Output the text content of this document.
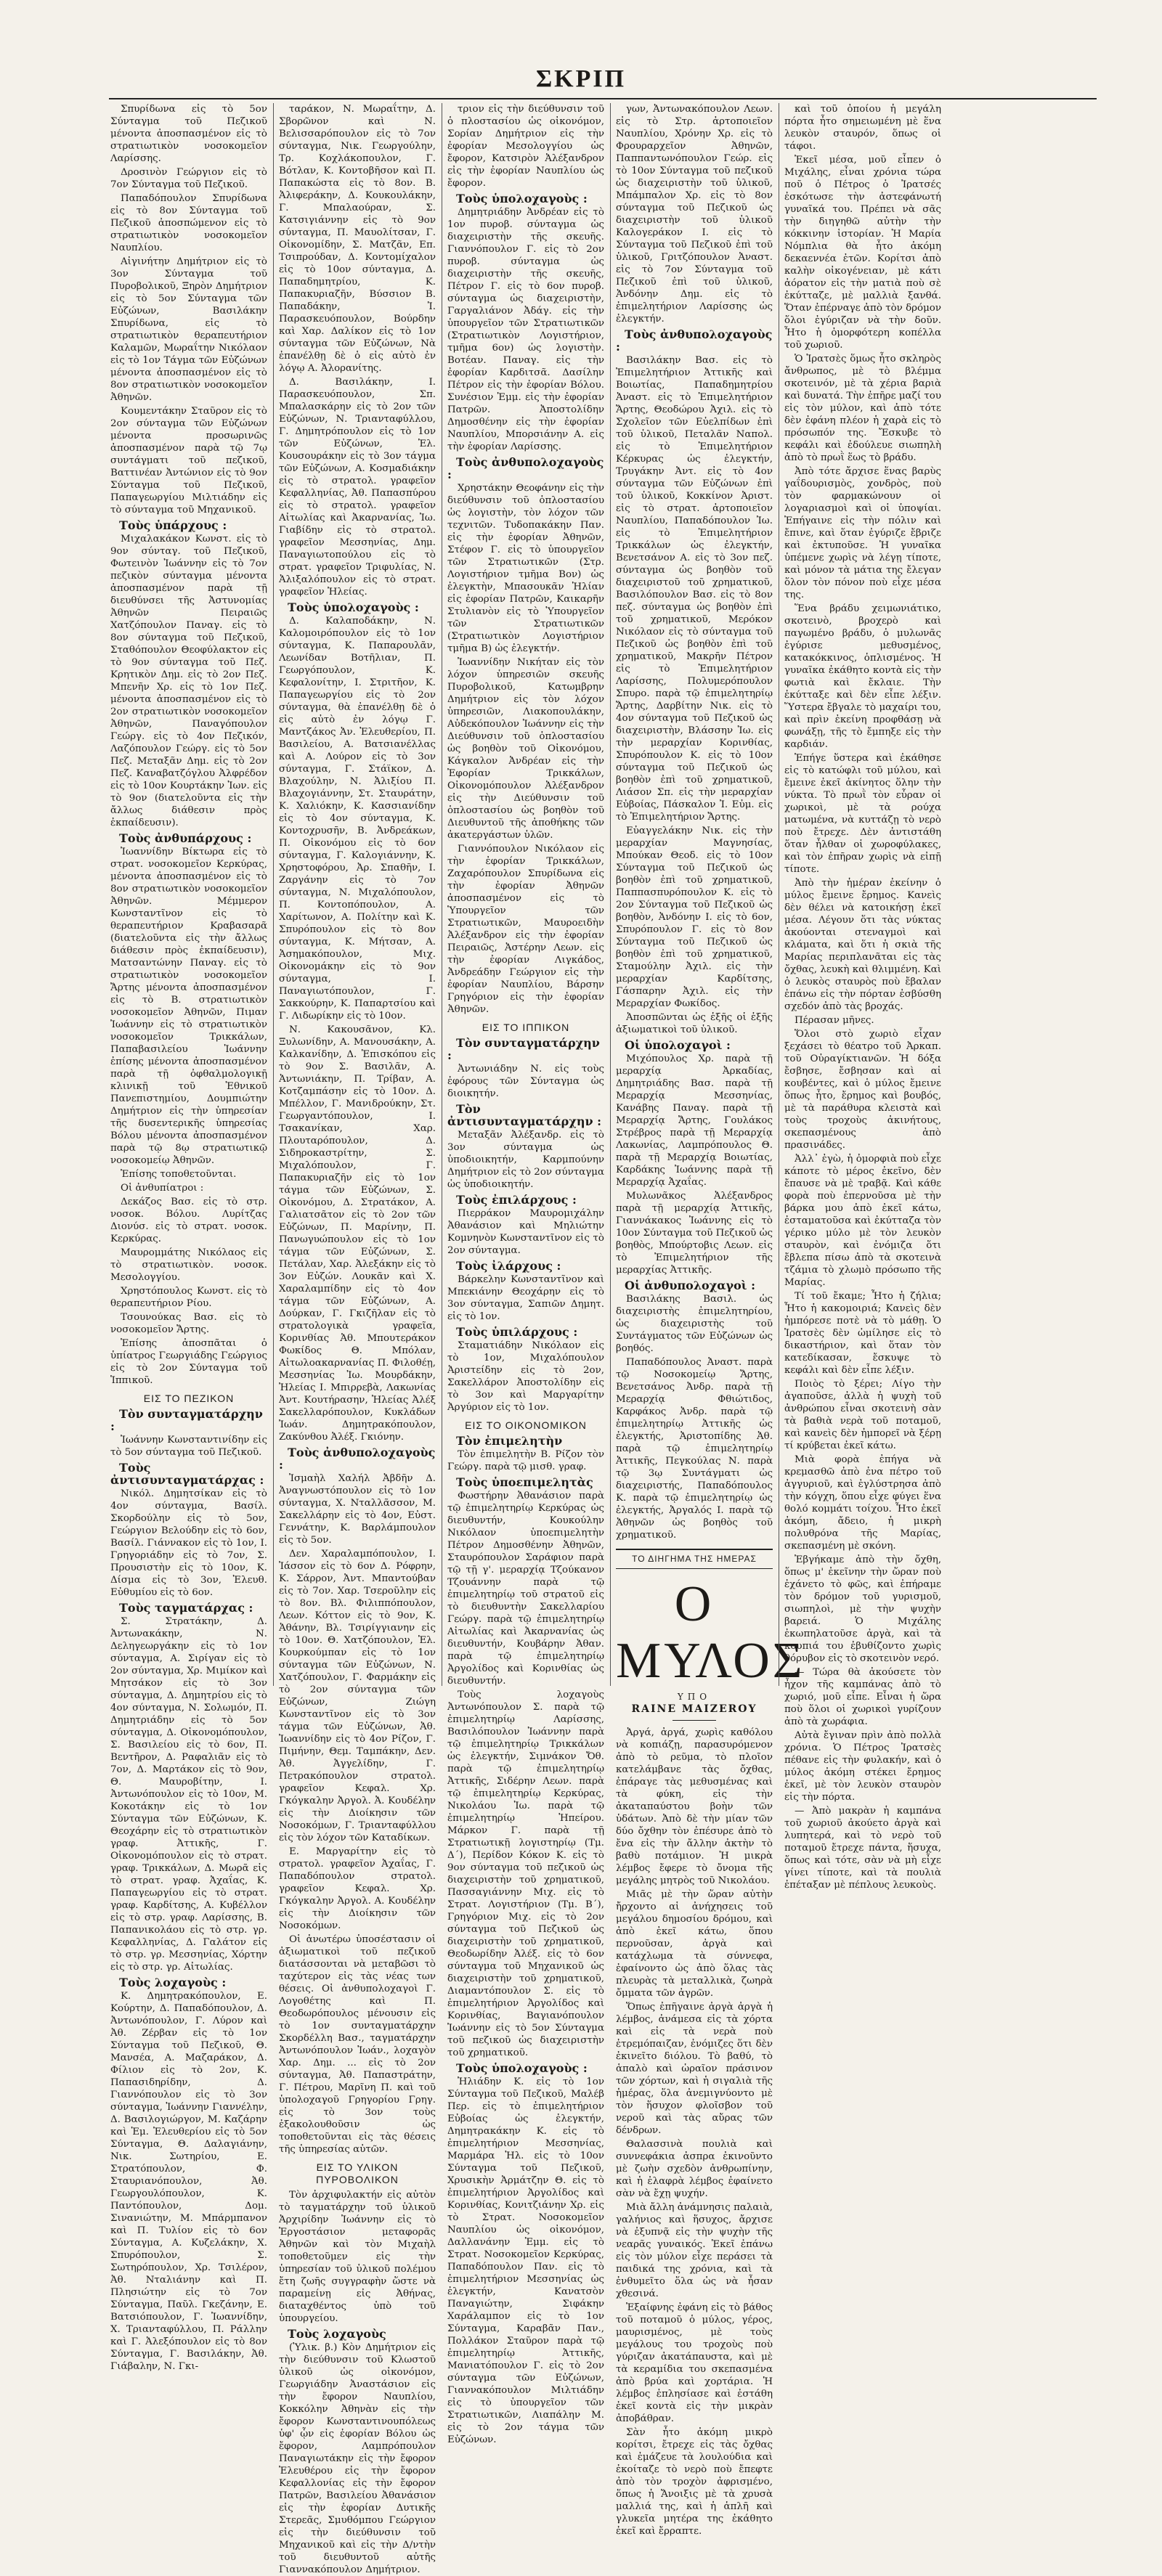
ΣΚΡΙΠ

Σπυρίδωνα εἰς τὸ 5ον Σύνταγμα τοῦ Πεζικοῦ μένοντα ἀποσπασμένον εἰς τὸ στρατιωτικὸν νοσοκομεῖον Λαρίσσης.

Δροσινὸν Γεώργιον εἰς τὸ 7ον Σύνταγμα τοῦ Πεζικοῦ.

Παπαδόπουλον Σπυρίδωνα εἰς τὸ 8ον Σύνταγμα τοῦ Πεζικοῦ ἀποσπώμενον εἰς τὸ στρατιωτικὸν νοσοκομεῖον Ναυπλίου.

Αἰγινήτην Δημήτριον εἰς τὸ 3ον Σύνταγμα τοῦ Πυροβολικοῦ, Ξηρὸν Δημήτριον εἰς τὸ 5ον Σύνταγμα τῶν Εὐζώνων, Βασιλάκην Σπυρίδωνα, εἰς τὸ στρατιωτικὸν θεραπευτήριον Καλαμῶν, Μωραΐτην Νικόλαον εἰς τὸ 1ον Τάγμα τῶν Εὐζώνων μένοντα ἀποσπασμένον εἰς τὸ 8ον στρατιωτικὸν νοσοκομεῖον Ἀθηνῶν.

Κουμεντάκην Σταῦρον εἰς τὸ 2ον σύνταγμα τῶν Εὐζώνων μένοντα προσωρινῶς ἀποσπασμένον παρὰ τῷ 7ῳ συντάγματι τοῦ πεζικοῦ, Βαττινέαν Ἀντώνιον εἰς τὸ 9ον Σύνταγμα τοῦ Πεζικοῦ, Παπαγεωργίου Μιλτιάδην εἰς τὸ σύνταγμα τοῦ Μηχανικοῦ.

Τοὺς ὑπάρχους :

Μιχαλακάκον Κωνστ. εἰς τὸ 9ον σύνταγ. τοῦ Πεζικοῦ, Φωτεινὸν Ἰωάννην εἰς τὸ 7ον πεζικὸν σύνταγμα μένοντα ἀποσπασμένον παρὰ τῇ διευθύνσει τῆς Ἀστυνομίας Ἀθηνῶν Πειραιῶς Χατζόπουλον Παναγ. εἰς τὸ 8ον σύνταγμα τοῦ Πεζικοῦ, Σταθόπουλον Θεοφύλακτον εἰς τὸ 9ον σύνταγμα τοῦ Πεζ. Κρητικὸν Δημ. εἰς τὸ 2ον Πεζ. Μπενῆν Χρ. εἰς τὸ 1ον Πεζ. μένοντα ἀποσπασμένον εἰς τὸ 2ον στρατιωτικὸν νοσοκομεῖον Ἀθηνῶν, Παναγόπουλον Γεώργ. εἰς τὸ 4ον Πεζικόν, Λαζόπουλον Γεώργ. εἰς τὸ 5ον Πεζ. Μεταξᾶν Δημ. εἰς τὸ 2ον Πεζ. Καναβατζόγλου Ἀλφρέδον εἰς τὸ 10ον Κουρτάκην Ἰων. εἰς τὸ 9ον (διατελοῦντα εἰς τὴν ἄλλως διάθεσιν πρὸς ἐκπαίδευσιν).

Τοὺς ἀνθυπάρχους :

Ἰωαννίδην Βίκτωρα εἰς τὸ στρατ. νοσοκομεῖον Κερκύρας, μένοντα ἀποσπασμένον εἰς τὸ 8ον στρατιωτικὸν νοσοκομεῖον Ἀθηνῶν. Μέμμερον Κωνσταντῖνον εἰς τὸ θεραπευτήριον Κραβασαρᾶ (διατελοῦντα εἰς τὴν ἄλλως διάθεσιν πρὸς ἐκπαίδευσιν), Ματσαντώνην Παναγ. εἰς τὸ στρατιωτικὸν νοσοκομεῖον Ἄρτης μένοντα ἀποσπασμένον εἰς τὸ Β. στρατιωτικὸν νοσοκομεῖον Ἀθηνῶν, Πιμαν Ἰωάννην εἰς τὸ στρατιωτικὸν νοσοκομεῖον Τρικκάλων, Παπαβασιλείου Ἰωάννην ἐπίσης μένοντα ἀποσπασμένον παρὰ τῇ ὀφθαλμολογικῇ κλινικῇ τοῦ Ἐθνικοῦ Πανεπιστημίου, Δουμπιώτην Δημήτριον εἰς τὴν ὑπηρεσίαν τῆς δυσεντερικῆς ὑπηρεσίας Βόλου μένοντα ἀποσπασμένον παρὰ τῷ 8ῳ στρατιωτικῷ νοσοκομείῳ Ἀθηνῶν.

Ἐπίσης τοποθετοῦνται.

Οἱ ἀνθυπίατροι :

Δεκάζος Βασ. εἰς τὸ στρ. νοσοκ. Βόλου. Λυρίτζας Διονύσ. εἰς τὸ στρατ. νοσοκ. Κερκύρας.

Μαυρομμάτης Νικόλαος εἰς τὸ στρατιωτικὸν. νοσοκ. Μεσολογγίου.

Χρηστόπουλος Κωνστ. εἰς τὸ θεραπευτήριον Ρίου.

Τσουνούκας Βασ. εἰς τὸ νοσοκομεῖον Ἄρτης.

Ἐπίσης ἀποσπᾶται ὁ ὑπίατρος Γεωργιάδης Γεώργιος εἰς τὸ 2ον Σύνταγμα τοῦ Ἱππικοῦ.

ΕΙΣ ΤΟ ΠΕΖΙΚΟΝ
Τὸν συνταγματάρχην :

Ἰωάννην Κωνσταντινίδην εἰς τὸ 5ον σύνταγμα τοῦ Πεζικοῦ.

Τοὺς ἀντισυνταγματάρχας :

Νικόλ. Δημητσίκαν εἰς τὸ 4ον σύνταγμα, Βασίλ. Σκορδούλην εἰς τὸ 5ον, Γεώργιον Βελούδην εἰς τὸ 6ον, Βασίλ. Γιάννακον εἰς τὸ 1ον, Ι. Γρηγοριάδην εἰς τὸ 7ον, Σ. Προυσιστὴν εἰς τὸ 10ον, Κ. Δίσμα εἰς τὸ 3ον, Ἐλευθ. Εὐθυμίου εἰς τὸ 6ον.

Τοὺς ταγματάρχας :

Σ. Στρατάκην, Δ. Ἀντωνακάκην, Ν. Δεληγεωργάκην εἰς τὸ 1ον σύνταγμα, Α. Σιρίγαν εἰς τὸ 2ον σύνταγμα, Χρ. Μιμίκον καὶ Μητσάκον εἰς τὸ 3ον σύνταγμα, Δ. Δημητρίου εἰς τὸ 4ον σύνταγμα, Ν. Σολωμόν, Π. Δημητριάδην εἰς τὸ 5ον σύνταγμα, Δ. Οἰκονομόπουλον, Σ. Βασιλείου εἰς τὸ 6ον, Π. Βεντῆρον, Δ. Ραφαλιᾶν εἰς τὸ 7ον, Δ. Μαρτάκον εἰς τὸ 9ον, Θ. Μαυροβίτην, Ι. Ἀντωνόπουλον εἰς τὸ 10ον, Μ. Κοκοτάκην εἰς τὸ 1ον Σύνταγμα τῶν Εὐζώνων, Κ. Θεοχάρην εἰς τὸ στρατιωτικὸν γραφ. Ἀττικῆς, Γ. Οἰκονομόπουλον εἰς τὸ στρατ. γραφ. Τρικκάλων, Δ. Μωρᾶ εἰς τὸ στρατ. γραφ. Ἀχαΐας, Κ. Παπαγεωργίου εἰς τὸ στρατ. γραφ. Καρδίτσης, Α. Κυβέλλον εἰς τὸ στρ. γραφ. Λαρίσσης, Β. Παπανικολάου εἰς τὸ στρ. γρ. Κεφαλληνίας, Δ. Γαλάτον εἰς τὸ στρ. γρ. Μεσσηνίας, Χόρτην εἰς τὸ στρ. γρ. Αἰτωλίας.

Τοὺς λοχαγοὺς :

Κ. Δημητρακόπουλον, Ε. Κούρτην, Δ. Παπαδόπουλον, Δ. Ἀντωνόπουλον, Γ. Λύρον καὶ Ἀθ. Ζέρβαν εἰς τὸ 1ον Σύνταγμα τοῦ Πεζικοῦ, Θ. Μανσέα, Α. Μαζαράκον, Δ. Φίλιον εἰς τὸ 2ον, Κ. Παπασιδηρίδην, Δ. Γιαννόπουλον εἰς τὸ 3ον σύνταγμα, Ἰωάννην Γιαννέλην, Δ. Βασιλογιώργον, Μ. Καζάρην καὶ Ἐμ. Ἐλευθερίου εἰς τὸ 5ον Σύνταγμα, Θ. Δαλαγιάνην, Νικ. Σωτηρίου, Ε. Στρατόπουλον, Φ. Σταυριανόπουλον, Ἀθ. Γεωργουλόπουλον, Κ. Παντόπουλον, Δομ. Σινανιώτην, Μ. Μπάρμπανον καὶ Π. Τυλίον εἰς τὸ 6ον Σύνταγμα, Α. Κυζελάκην, Χ. Σπυρόπουλον, Σ. Σωτηρόπουλον, Χρ. Τσιλέρον, Ἀθ. Νταλιάνην καὶ Π. Πλησιώτην εἰς τὸ 7ον Σύνταγμα, Παῦλ. Γκεζάνην, Ε. Βατσιόπουλον, Γ. Ἰωαννίδην, Χ. Τριανταφύλλου, Π. Ράλλην καὶ Γ. Ἀλεξόπουλον εἰς τὸ 8ον Σύνταγμα, Γ. Βασιλάκην, Ἀθ. Γιάβαλην, Ν. Γκι-

ταράκον, Ν. Μωραΐτην, Δ. Σβορῶνον καὶ Ν. Βελισσαρόπουλον εἰς τὸ 7ον σύνταγμα, Νικ. Γεωργούλην, Τρ. Κοχλάκοπουλον, Γ. Βότλαν, Κ. Κοντοβῆσον καὶ Π. Παπακώστα εἰς τὸ 8ον. Β. Ἀλιφεράκην, Δ. Κουκουλάκην, Γ. Μπαλαούραν, Σ. Κατσιγιάννην εἰς τὸ 9ον σύνταγμα, Π. Μαυολίτσαν, Γ. Οἰκονομίδην, Σ. Ματζᾶν, Επ. Τσιπρούδαν, Δ. Κοντομίχαλον εἰς τὸ 10ον σύνταγμα, Δ. Παπαδημητρίου, Κ. Παπακυριαζῆν, Βύσσιον Β. Παπαδάκην, Ἰ. Παρασκευόπουλον, Βούρδην καὶ Χαρ. Δαλίκον εἰς τὸ 1ον σύνταγμα τῶν Εὐζώνων, Νὰ ἐπανέλθῃ δὲ ὁ εἰς αὐτὸ ἐν λόγῳ Α. Ἀλορανίτης.

Δ. Βασιλάκην, Ι. Παρασκευόπουλον, Σπ. Μπαλασκάρην εἰς τὸ 2ον τῶν Εὐζώνων, Ν. Τριανταφύλλου, Γ. Δημητρόπουλον εἰς τὸ 1ον τῶν Εὐζώνων, Ἐλ. Κουσουράκην εἰς τὸ 3ον τάγμα τῶν Εὐζώνων, Α. Κοσμαδιάκην εἰς τὸ στρατολ. γραφεῖον Κεφαλληνίας, Ἀθ. Παπασπύρου εἰς τὸ στρατολ. γραφεῖον Αἰτωλίας καὶ Ἀκαρνανίας, Ἰω. Γιαβίδην εἰς τὸ στρατολ. γραφεῖον Μεσσηνίας, Δημ. Παναγιωτοπούλου εἰς τὸ στρατ. γραφεῖον Τριφυλίας, Ν. Ἀλιξαλόπουλον εἰς τὸ στρατ. γραφεῖον Ἠλείας.

Τοὺς ὑπολοχαγοὺς :

Δ. Καλαποδάκην, Ν. Καλομοιρόπουλον εἰς τὸ 1ον σύνταγμα, Κ. Παπαρουλᾶν, Λεωνίδαν Βοτῆλιαν, Π. Γεωργόπουλον, Κ. Κεφαλονίτην, Ι. Στριτῆον, Κ. Παπαγεωργίου εἰς τὸ 2ον σύνταγμα, θὰ ἐπανέλθῃ δὲ ὁ εἰς αὐτὸ ἐν λόγῳ Γ. Μαντζάκος Ἀν. Ἐλευθερίου, Π. Βασιλείου, Α. Βατσιανέλλας καὶ Α. Λούρον εἰς τὸ 3ον σύνταγμα, Γ. Στάϊκον, Δ. Βλαχούλην, Ν. Ἀλιξίου Π. Βλαχογιάννην, Στ. Σταυράτην, Κ. Χαλιόκην, Κ. Κασσιανίδην εἰς τὸ 4ον σύνταγμα, Κ. Κοντοχρυσῆν, Β. Ἀνδρεάκων, Π. Οἰκονόμου εἰς τὸ 6ον σύνταγμα, Γ. Καλογιάννην, Κ. Χρηστοφόρου, Ἀρ. Σπαθῆν, Ι. Ζαργάνην εἰς τὸ 7ον σύνταγμα, Ν. Μιχαλόπουλον, Π. Κοντοπόπουλον, Α. Χαρίτωνον, Α. Πολίτην καὶ Κ. Σπυρόπουλον εἰς τὸ 8ον σύνταγμα, Κ. Μήτσαν, Α. Ἀσημακόπουλον, Μιχ. Οἰκονομάκην εἰς τὸ 9ον σύνταγμα, Ι. Παναγιωτόπουλον, Γ. Σακκούρην, Κ. Παπαρτσίου καὶ Γ. Λιδωρίκην εἰς τὸ 10ον.

Ν. Κακουσᾶνον, Κλ. Ξυλωνίδην, Α. Μανουσάκην, Α. Καλκανίδην, Δ. Ἐπισκόπου εἰς τὸ 9ον Σ. Βασιλᾶν, Α. Ἀντωνιάκην, Π. Τρίβαν, Α. Κοτζαμπάσην εἰς τὸ 10ον. Δ. Μπέλλον, Γ. Μανιδρούκην, Στ. Γεωργαντόπουλον, Ι. Τσακανίκαν, Χαρ. Πλουταρόπουλον, Δ. Σιδηροκαστρίτην, Σ. Μιχαλόπουλον, Γ. Παπακυριαζῆν εἰς τὸ 1ον τάγμα τῶν Εὐζώνων, Σ. Οἰκονόμου, Δ. Στρατάκον, Α. Γαλιατσᾶτον εἰς τὸ 2ον τῶν Εὐζώνων, Π. Μαρίνην, Π. Πανωγυώπουλον εἰς τὸ 1ον τάγμα τῶν Εὐζώνων, Σ. Πετάλαν, Χαρ. Ἀλεξάκην εἰς τὸ 3ον Εὐζών. Λουκᾶν καὶ Χ. Χαραλαμπίδην εἰς τὸ 4ον τάγμα τῶν Εὐζώνων, Α. Δούρκαν, Γ. Γκιζῆλαν εἰς τὸ στρατολογικὰ γραφεῖα, Κορινθίας Ἀθ. Μπουτεράκον Φωκίδος Θ. Μπόλαν, Αἰτωλοακαρνανίας Π. Φιλοθέῃ, Μεσσηνίας Ἰω. Μουρδάκην, Ἠλείας Ι. Μπιρρεβὰ, Λακωνίας Ἀντ. Κουτήρασην, Ἠλείας Ἀλέξ Σακελλαρόπουλον, Κυκλάδων Ἰωάν. Δημητρακόπουλον, Ζακύνθου Ἀλέξ. Γκιόνην.

Τοὺς ἀνθυπολοχαγοὺς :

Ἰσμαὴλ Χαλήλ Ἀβδῆν Δ. Ἀναγνωστόπουλον εἰς τὸ 1ον σύνταγμα, Χ. Νταλλᾶσσον, Μ. Σακελλάρην εἰς τὸ 4ον, Εὐστ. Γεννάτην, Κ. Βαρλάμπουλον εἰς τὸ 5ον.

Δεν. Χαραλαμπόπουλον, Ι. Ἰάσσον εἰς τὸ 6ον Δ. Ρόφρην, Κ. Σάρρον, Ἀντ. Μπαντούβαν εἰς τὸ 7ον. Χαρ. Τσεροῦλην εἰς τὸ 8ον. Βλ. Φιλιππόπουλον, Λεων. Κόττον εἰς τὸ 9ον, Κ. Ἀθάνην, Βλ. Τσιρίγγιανην εἰς τὸ 10ον. Θ. Χατζόπουλον, Ἐλ. Κουρκούμπαν εἰς τὸ 1ον σύνταγμα τῶν Εὐζώνων, Ν. Χατζόπουλον, Γ. Φαρμάκην εἰς τὸ 2ον σύνταγμα τῶν Εὐζώνων, Ζιώγη Κωνσταντῖνον εἰς τὸ 3ον τάγμα τῶν Εὐζώνων, Ἀθ. Ἰωαννίδην εἰς τὸ 4ον Ρίζον, Γ. Πιμήνην, Θεμ. Ταμπάκην, Δεν. Ἀθ. Ἀγγελίδην, Γ. Πετρακόπουλον στρατολ. γραφεῖον Κεφαλ. Χρ. Γκόγκαλην Ἀργολ. Ἀ. Κουδέλην εἰς τὴν Διοίκησιν τῶν Νοσοκόμων, Γ. Τριανταφύλλου εἰς τὸν λόχον τῶν Καταδίκων.

Ε. Μαργαρίτην εἰς τὸ στρατολ. γραφεῖον Ἀχαΐας, Γ. Παπαδόπουλον στρατολ. γραφεῖον Κεφαλ. Χρ. Γκόγκαλην Ἀργολ. Α. Κουδέλην εἰς τὴν Διοίκησιν τῶν Νοσοκόμων.

Οἱ ἀνωτέρω ὑποσέστασιν οἱ ἀξιωματικοὶ τοῦ πεζικοῦ διατάσσονται νὰ μεταβῶσι τὸ ταχύτερον εἰς τὰς νέας των θέσεις. Οἱ ἀνθυπολοχαγοὶ Γ. Λογοθέτης καὶ Π. Θεοδωρόπουλος μένουσιν εἰς τὸ 1ον συνταγματάρχην Σκορδέλλη Βασ., ταγματάρχην Ἀντωνόπουλον Ἰωάν., λοχαγὸν Χαρ. Δημ. ... εἰς τὸ 2ον σύνταγμα, Ἀθ. Παπαστράτην, Γ. Πέτρου, Μαρῖνη Π. καὶ τοῦ ὑπολοχαγοῦ Γρηγορίου Γρηγ. εἰς τὸ 3ον τοὺς ἐξακολουθοῦσιν ὡς τοποθετοῦνται εἰς τὰς θέσεις τῆς ὑπηρεσίας αὐτῶν.

ΕΙΣ ΤΟ ΥΛΙΚΟΝ ΠΥΡΟΒΟΛΙΚΟΝ

Τὸν ἀρχιφυλακτήν εἰς αὐτὸν τὸ ταγματάρχην τοῦ ὑλικοῦ Ἀρχιρίδην Ἰωάννην εἰς τὸ Ἐργοστάσιον μεταφορᾶς Ἀθηνῶν καὶ τὸν Μιχαὴλ τοποθετοῦμεν εἰς τὴν ὑπηρεσίαν τοῦ ὑλικοῦ πολέμου ἔτη ζωῆς συγγραφὴν ὥστε νὰ παραμείνῃ εἰς Ἀθήνας, διαταχθέντος ὑπὸ τοῦ ὑπουργείου.

Τοὺς λοχαγοὺς

(Ὑλικ. β.) Κὸν Δημήτριον εἰς τὴν διεύθυνσιν τοῦ Κλωστοῦ ὑλικοῦ ὡς οἰκονόμον, Γεωργιάδην Ἀναστάσιον εἰς τὴν ἔφορον Ναυπλίου, Κοκκόλην Ἀθηνὰν εἰς τὴν ἔφορον Κωνσταντινουπόλεως ὑφ' ᾧν εἰς ἐφορίαν Βόλου ὡς ἔφορον, Λαμπρόπουλον Παναγιωτάκην εἰς τὴν ἔφορον Ἐλευθέρου εἰς τὴν ἔφορον Κεφαλλονίας εἰς τὴν ἔφορον Πατρῶν, Βασιλείου Ἀθανάσιον εἰς τὴν ἐφορίαν Δυτικῆς Στερεᾶς, Σμυθόμπου Γεώργιον εἰς τὴν διεύθυνσιν τοῦ Μηχανικοῦ καὶ εἰς τὴν Δ/ντὴν τοῦ διευθυντοῦ αὐτῆς Γιαννακόπουλον Δημήτριον.

τριον εἰς τὴν διεύθυνσιν τοῦ ὁ πλοστασίου ὡς οἰκονόμον, Σορίαν Δημήτριον εἰς τὴν ἐφορίαν Μεσολογγίου ὡς ἔφορον, Κατσιρὸν Ἀλέξανδρον εἰς τὴν ἐφορίαν Ναυπλίου ὡς ἔφορον.

Τοὺς ὑπολοχαγοὺς :

Δημητριάδην Ἀνδρέαν εἰς τὸ 1ον πυροβ. σύνταγμα ὡς διαχειριστὴν τῆς σκευῆς. Γιαννόπουλον Γ. εἰς τὸ 2ον πυροβ. σύνταγμα ὡς διαχειριστὴν τῆς σκευῆς, Πέτρον Γ. εἰς τὸ 6ον πυροβ. σύνταγμα ὡς διαχειριστὴν, Γαργαλιάνον Ἀδάγ. εἰς τὴν ὑπουργεῖον τῶν Στρατιωτικῶν (Στρατιωτικὸν Λογιστήριον, τμῆμα 6ον) ὡς λογιστὴν. Βοτέαν. Παναγ. εἰς τὴν ἐφορίαν Καρδιτσᾶ. Δασίλην Πέτρον εἰς τὴν ἐφορίαν Βόλου. Συνέσιον Ἐμμ. εἰς τὴν ἐφορίαν Πατρῶν. Ἀποστολίδην Δημοσθένην εἰς τὴν ἐφορίαν Ναυπλίου, Μπορσιάνην Α. εἰς τὴν ἐφορίαν Λαρίσσης.

Τοὺς ἀνθυπολοχαγοὺς :

Χρηστάκην Θεοφάνην εἰς τὴν διεύθυνσιν τοῦ ὁπλοστασίου ὡς λογιστὴν, τὸν λόχον τῶν τεχνιτῶν. Τυδοπακάκην Παν. εἰς τὴν ἐφορίαν Ἀθηνῶν, Στέφον Γ. εἰς τὸ ὑπουργεῖον τῶν Στρατιωτικῶν (Στρ. Λογιστήριον τμῆμα Βον) ὡς ἐλεγκτὴν, Μπασουκᾶν Ἠλίαν εἰς ἐφορίαν Πατρῶν, Καικαρῆν Στυλιανὸν εἰς τὸ Ὑπουργεῖον τῶν Στρατιωτικῶν (Στρατιωτικὸν Λογιστήριον τμῆμα Β) ὡς ἐλεγκτήν.

Ἰωαννίδην Νικήταν εἰς τὸν λόχον ὑπηρεσιῶν σκευῆς Πυροβολικοῦ, Κατωμβρην Δημήτριον εἰς τὸν λόχον ὑπηρεσιῶν, Λιακοπουλάκην, Αὐδεκόπουλον Ἰωάννην εἰς τὴν Διεύθυνσιν τοῦ ὁπλοστασίου ὡς βοηθὸν τοῦ Οἰκονόμου, Κάγκαλον Ἀνδρέαν εἰς τὴν Ἐφορίαν Τρικκάλων, Οἰκονομόπουλον Ἀλέξανδρον εἰς τὴν Διεύθυνσιν τοῦ ὁπλοστασίου ὡς βοηθὸν τοῦ Διευθυντοῦ τῆς ἀποθήκης τῶν ἀκατεργάστων ὑλῶν.

Γιαννόπουλον Νικόλαον εἰς τὴν ἐφορίαν Τρικκάλων, Ζαχαρόπουλον Σπυρίδωνα εἰς τὴν ἐφορίαν Ἀθηνῶν ἀποσπασμένον εἰς τὸ Ὑπουργεῖον τῶν Στρατιωτικῶν, Μαυροειδὴν Ἀλέξανδρον εἰς τὴν ἐφορίαν Πειραιῶς, Ἀστέρην Λεων. εἰς τὴν ἐφορίαν Λιγκάδος, Ἀνδρεάδην Γεώργιον εἰς τὴν ἐφορίαν Ναυπλίου, Βάρσην Γρηγόριον εἰς τὴν ἐφορίαν Ἀθηνῶν.

ΕΙΣ ΤΟ ΙΠΠΙΚΟΝ
Τὸν συνταγματάρχην :

Ἀντωνιάδην Ν. εἰς τοὺς ἐφόρους τῶν Σύνταγμα ὡς διοικητήν.

Τὸν ἀντισυνταγματάρχην :

Μεταξᾶν Ἀλέξανδρ. εἰς τὸ 3ον σύνταγμα ὡς ὑποδιοικητήν, Καρμπούνην Δημήτριον εἰς τὸ 2ον σύνταγμα ὡς ὑποδιοικητήν.

Τοὺς ἐπιλάρχους :

Πιερράκον Μαυρομιχάλην Ἀθανάσιον καὶ Μηλιώτην Κομνηνὸν Κωνσταντῖνον εἰς τὸ 2ον σύνταγμα.

Τοὺς ἰλάρχους :

Βάρκελην Κωνσταντῖνον καὶ Μπεκιάνην Θεοχάρην εἰς τὸ 3ον σύνταγμα, Σαπιῶν Δημητ. εἰς τὸ 1ον.

Τοὺς ὑπιλάρχους :

Σταματιάδην Νικόλαον εἰς τὸ 1ον, Μιχαλόπουλον Ἀριστείδην εἰς τὸ 2ον, Σακελλάρον Ἀποστολίδην εἰς τὸ 3ον καὶ Μαργαρίτην Ἀργύριον εἰς τὸ 1ον.

ΕΙΣ ΤΟ ΟΙΚΟΝΟΜΙΚΟΝ
Τὸν ἐπιμελητὴν

Τὸν ἐπιμελητὴν Β. Ρίζον τὸν Γεώργ. παρὰ τῷ μισθ. γραφ.

Τοὺς ὑποεπιμελητὰς

Φωστήρην Ἀθανάσιον παρὰ τῷ ἐπιμελητηρίῳ Κερκύρας ὡς διευθυντήν, Κουκούλην Νικόλαον ὑποεπιμελητὴν Πέτρον Δημοσθένην Ἀθηνῶν, Σταυρόπουλον Σαράφιον παρὰ τῷ τῇ γ'. μεραρχίᾳ Τζούκανον Τζουάννην παρὰ τῷ ἐπιμελητηρίῳ τοῦ στρατοῦ εἰς τὸ διευθυντὴν Σακελλαρίου Γεώργ. παρὰ τῷ ἐπιμελητηρίῳ Αἰτωλίας καὶ Ἀκαρνανίας ὡς διευθυντήν, Κουβάρην Ἀθαν. παρὰ τῷ ἐπιμελητηρίῳ Ἀργολίδος καὶ Κορινθίας ὡς διευθυντήν.

Τοὺς λοχαγοὺς Ἀντωνόπουλον Σ. παρὰ τῷ ἐπιμελητηρίῳ Λαρίσσης, Βασιλόπουλον Ἰωάννην παρὰ τῷ ἐπιμελητηρίῳ Τρικκάλων ὡς ἐλεγκτήν, Σιμνάκον Ὄθ. παρὰ τῷ ἐπιμελητηρίῳ Ἀττικῆς, Σιδέρην Λεων. παρὰ τῷ ἐπιμελητηρίῳ Κερκύρας, Νικολάου Ἰω. παρὰ τῷ ἐπιμελητηρίῳ Ἠπείρου. Μάρκον Γ. παρὰ τῇ Στρατιωτικῇ λογιστηρίῳ (Τμ. Δ΄), Περίδον Κόκον Κ. εἰς τὸ 9ον σύνταγμα τοῦ πεζικοῦ ὡς διαχειριστὴν τοῦ χρηματικοῦ, Πασσαγιάννην Μιχ. εἰς τὸ Στρατ. Λογιστήριον (Τμ. Β΄), Γρηγόριον Μιχ. εἰς τὸ 2ον σύνταγμα τοῦ Πεζικοῦ ὡς διαχειριστὴν τοῦ χρηματικοῦ, Θεοδωρίδην Ἀλέξ. εἰς τὸ 6ον σύνταγμα τοῦ Μηχανικοῦ ὡς διαχειριστὴν τοῦ χρηματικοῦ, Διαμαντόπουλον Σ. εἰς τὸ ἐπιμελητήριον Ἀργολίδος καὶ Κορινθίας, Βαγιανόπουλον Ἰωάννην εἰς τὸ 5ον Σύνταγμα τοῦ πεζικοῦ ὡς διαχειριστὴν τοῦ χρηματικοῦ.

Τοὺς ὑπολοχαγοὺς :

Ἠλιάδην Κ. εἰς τὸ 1ον Σύνταγμα τοῦ Πεζικοῦ, Μαλέβ Περ. εἰς τὸ ἐπιμελητήριον Εὐβοίας ὡς ἐλεγκτήν, Δημητρακάκην Κ. εἰς τὸ ἐπιμελητήριον Μεσσηνίας, Μαρμάρα Ἠλ. εἰς τὸ 10ον Σύνταγμα τοῦ Πεζικοῦ, Χρυσικὴν Ἀρμάτζην Θ. εἰς τὸ ἐπιμελητήριον Ἀργολίδος καὶ Κορινθίας, Κονιτζιάνην Χρ. εἰς τὸ Στρατ. Νοσοκομεῖον Ναυπλίου ὡς οἰκονόμον, Δαλλανάνην Ἐμμ. εἰς τὸ Στρατ. Νοσοκομεῖον Κερκύρας, Παπαδόπουλον Παν. εἰς τὸ ἐπιμελητήριον Μεσσηνίας ὡς ἐλεγκτήν, Κανατσὸν Παναγιώτην, Σιφάκην Χαράλαμπον εἰς τὸ 1ον Σύνταγμα, Καραβᾶν Παν., Πολλάκον Σταῦρον παρὰ τῷ ἐπιμελητηρίῳ Ἀττικῆς, Μανιατόπουλον Γ. εἰς τὸ 2ον σύνταγμα τῶν Εὐζώνων, Γιαννακόπουλον Μιλτιάδην εἰς τὸ ὑπουργεῖον τῶν Στρατιωτικῶν, Λιαπάλην Μ. εἰς τὸ 2ον τάγμα τῶν Εὐζώνων.

γων, Ἀντωνακόπουλον Λεων. εἰς τὸ Στρ. ἀρτοποιεῖον Ναυπλίου, Χρόνην Χρ. εἰς τὸ Φρουραρχεῖον Ἀθηνῶν, Παππαντωνόπουλον Γεώρ. εἰς τὸ 10ον Σύνταγμα τοῦ πεζικοῦ ὡς διαχειριστὴν τοῦ ὑλικοῦ, Μπάμπαλον Χρ. εἰς τὸ 8ον σύνταγμα τοῦ Πεζικοῦ ὡς διαχειριστὴν τοῦ ὑλικοῦ Καλογεράκον Ι. εἰς τὸ Σύνταγμα τοῦ Πεζικοῦ ἐπὶ τοῦ ὑλικοῦ, Γριτζόπουλον Ἀναστ. εἰς τὸ 7ον Σύνταγμα τοῦ Πεζικοῦ ἐπὶ τοῦ ὑλικοῦ, Ἀνδόνην Δημ. εἰς τὸ ἐπιμελητήριον Λαρίσσης ὡς ἐλεγκτήν.

Τοὺς ἀνθυπολοχαγοὺς :

Βασιλάκην Βασ. εἰς τὸ Ἐπιμελητήριον Ἀττικῆς καὶ Βοιωτίας, Παπαδημητρίου Ἀναστ. εἰς τὸ Ἐπιμελητήριον Ἄρτης, Θεοδώρου Ἀχιλ. εἰς τὸ Σχολεῖον τῶν Εὐελπίδων ἐπὶ τοῦ ὑλικοῦ, Πεταλᾶν Ναπολ. εἰς τὸ Ἐπιμελητήριον Κέρκυρας ὡς ἐλεγκτήν, Τρυγάκην Ἀντ. εἰς τὸ 4ον σύνταγμα τῶν Εὐζώνων ἐπὶ τοῦ ὑλικοῦ, Κοκκίνον Ἀριστ. εἰς τὸ στρατ. ἀρτοποιεῖον Ναυπλίου, Παπαδόπουλον Ἰω. εἰς τὸ Ἐπιμελητήριον Τρικκάλων ὡς ἐλεγκτήν, Βενετσάνον Α. εἰς τὸ 3ον πεζ. σύνταγμα ὡς βοηθὸν τοῦ διαχειριστοῦ τοῦ χρηματικοῦ, Βασιλόπουλον Βασ. εἰς τὸ 8ον πεζ. σύνταγμα ὡς βοηθὸν ἐπὶ τοῦ χρηματικοῦ, Μερόκον Νικόλαον εἰς τὸ σύνταγμα τοῦ Πεζικοῦ ὡς βοηθὸν ἐπὶ τοῦ χρηματικοῦ, Μακρῆν Πέτρον εἰς τὸ Ἐπιμελητήριον Λαρίσσης, Πολυμερόπουλον Σπυρο. παρὰ τῷ ἐπιμελητηρίῳ Ἄρτης, Δαρβίτην Νικ. εἰς τὸ 4ον σύνταγμα τοῦ Πεζικοῦ ὡς διαχειριστὴν, Βλάσσην Ἰω. εἰς τὴν μεραρχίαν Κορινθίας, Σπυρόπουλον Κ. εἰς τὸ 10ον σύνταγμα τοῦ Πεζικοῦ ὡς βοηθὸν ἐπὶ τοῦ χρηματικοῦ, Λιάσον Σπ. εἰς τὴν μεραρχίαν Εὐβοίας, Πάσκαλον Ἰ. Εὐμ. εἰς τὸ Ἐπιμελητήριον Ἄρτης.

Εὐαγγελάκην Νικ. εἰς τὴν μεραρχίαν Μαγνησίας, Μπούκαν Θεοδ. εἰς τὸ 10ον Σύνταγμα τοῦ Πεζικοῦ ὡς βοηθὸν ἐπὶ τοῦ χρηματικοῦ, Παππασπυρόπουλον Κ. εἰς τὸ 2ον Σύνταγμα τοῦ Πεζικοῦ ὡς βοηθὸν, Ἀνδόνην Ι. εἰς τὸ 6ον, Σπυρόπουλον Γ. εἰς τὸ 8ον Σύνταγμα τοῦ Πεζικοῦ ὡς βοηθὸν ἐπὶ τοῦ χρηματικοῦ, Σταμούλην Ἀχιλ. εἰς τὴν μεραρχίαν Καρδίτσης, Γάσπαρην Ἀχιλ. εἰς τὴν Μεραρχίαν Φωκίδος.

Ἀποσπῶνται ὡς ἑξῆς οἱ ἑξῆς ἀξιωματικοὶ τοῦ ὑλικοῦ.

Οἱ ὑπολοχαγοὶ :

Μιχόπουλος Χρ. παρὰ τῇ μεραρχίᾳ Ἀρκαδίας, Δημητριάδης Βασ. παρὰ τῇ Μεραρχίᾳ Μεσσηνίας, Κανάβης Παναγ. παρὰ τῇ Μεραρχίᾳ Ἄρτης, Γουλάκος Στρέβρος παρὰ τῇ Μεραρχίᾳ Λακωνίας, Λαμπρόπουλος Θ. παρὰ τῇ Μεραρχίᾳ Βοιωτίας, Καρδάκης Ἰωάννης παρὰ τῇ Μεραρχίᾳ Ἀχαΐας.

Μυλωνᾶκος Ἀλέξανδρος παρὰ τῇ μεραρχίᾳ Ἀττικῆς, Γιαννάκακος Ἰωάννης εἰς τὸ 10ον Σύνταγμα τοῦ Πεζικοῦ ὡς βοηθὸς, Μπούρτοβις Λεων. εἰς τὸ Ἐπιμελητήριον τῆς μεραρχίας Ἀττικῆς.

Οἱ ἀνθυπολοχαγοὶ :

Βασιλάκης Βασιλ. ὡς διαχειριστὴς ἐπιμελητηρίου, ὡς διαχειριστὴς τοῦ Συντάγματος τῶν Εὐζώνων ὡς βοηθός.

Παπαδόπουλος Ἀναστ. παρὰ τῷ Νοσοκομείῳ Ἄρτης, Βενετσάνος Ἀνδρ. παρὰ τῇ Μεραρχίᾳ Φθιώτιδος, Καρφάκος Ἀνδρ. παρὰ τῷ ἐπιμελητηρίῳ Ἀττικῆς ὡς ἐλεγκτής, Ἀριστοπίδης Ἀθ. παρὰ τῷ ἐπιμελητηρίῳ Ἀττικῆς, Πεγκούλας Ν. παρὰ τῷ 3ῳ Συντάγματι ὡς διαχειριστής, Παπαδόπουλος Κ. παρὰ τῷ ἐπιμελητηρίῳ ὡς ἐλεγκτής, Ἀργαλός Ι. παρὰ τῷ Ἀθηνῶν ὡς βοηθὸς τοῦ χρηματικοῦ.

ΤΟ ΔΙΗΓΗΜΑ ΤΗΣ ΗΜΕΡΑΣ
Ο ΜΥΛΟΣ
ΥΠΟ
RAINE MAIZEROY

Ἀργά, ἀργά, χωρὶς καθόλου νὰ κοπιάζῃ, παρασυρόμενον ἀπὸ τὸ ρεῦμα, τὸ πλοῖον κατελάμβανε τὰς ὄχθας, ἐπάραγε τὰς μεθυσμένας καὶ τὰ φύκη, εἰς τὴν ἀκαταπαύστου βοὴν τῶν ὑδάτων. Ἀπὸ δὲ τὴν μίαν τῶν δύο ὄχθην τὸν ἐπέσυρε ἀπὸ τὸ ἔνα εἰς τὴν ἄλλην ἀκτὴν τὸ βαθὺ ποτάμιον. Ἡ μικρὰ λέμβος ἔφερε τὸ ὄνομα τῆς μεγάλης μητρὸς τοῦ Νικολάου.

Μιᾶς μὲ τὴν ὥραν αὐτὴν ἤρχοντο αἱ ἀνήχησεις τοῦ μεγάλου δημοσίου δρόμου, καὶ ἀπὸ ἐκεῖ κάτω, ὅπου περνοῦσαν, ἀργὰ καὶ κατάχλωμα τὰ σύννεφα, ἐφαίνοντο ὡς ἀπὸ ὅλας τὰς πλευρὰς τὰ μεταλλικὰ, ζωηρὰ ὄμματα τῶν ἀγρῶν.

Ὅπως ἐπῆγαινε ἀργὰ ἀργὰ ἡ λέμβος, ἀνάμεσα εἰς τὰ χόρτα καὶ εἰς τὰ νερὰ ποὺ ἐτρεμόπαιζαν, ἐνόμιζες ὅτι δὲν ἐκινεῖτο διόλου. Τὸ βαθύ, τὸ ἁπαλὸ καὶ ὡραῖον πράσινον τῶν χόρτων, καὶ ἡ σιγαλιὰ τῆς ἡμέρας, ὅλα ἀνεμιγνύοντο μὲ τὸν ἥσυχον φλοῖσβον τοῦ νεροῦ καὶ τὰς αὔρας τῶν δένδρων.

Θαλασσινὰ πουλιὰ καὶ συννεφάκια ἀσπρα ἐκινοῦντο μὲ ζωὴν σχεδὸν ἀνθρωπίνην, καὶ ἡ ἐλαφρὰ λέμβος ἐφαίνετο σὰν νὰ ἔχῃ ψυχήν.

Μιὰ ἄλλη ἀνάμνησις παλαιὰ, γαλήνιος καὶ ἥσυχος, ἄρχισε νὰ ἐξυπνᾷ εἰς τὴν ψυχὴν τῆς νεαρᾶς γυναικός. Ἐκεῖ ἐπάνω εἰς τὸν μύλον εἶχε περάσει τὰ παιδικά της χρόνια, καὶ τὰ ἐνθυμεῖτο ὅλα ὡς νὰ ἦσαν χθεσινά.

Ἐξαίφνης ἐφάνη εἰς τὸ βάθος τοῦ ποταμοῦ ὁ μύλος, γέρος, μαυρισμένος, μὲ τοὺς μεγάλους του τροχοὺς ποὺ γύριζαν ἀκατάπαυστα, καὶ μὲ τὰ κεραμίδια του σκεπασμένα ἀπὸ βρύα καὶ χορτάρια. Ἡ λέμβος ἐπλησίασε καὶ ἐστάθη ἐκεῖ κοντὰ εἰς τὴν μικρὰν ἀποβάθραν.

Σὰν ἦτο ἀκόμη μικρὸ κορίτσι, ἔτρεχε εἰς τὰς ὄχθας καὶ ἐμάζευε τὰ λουλούδια καὶ ἐκοίταζε τὸ νερὸ ποὺ ἔπεφτε ἀπὸ τὸν τροχὸν ἀφρισμένο, ὅπως ἡ Ἄνοιξις μὲ τὰ χρυσὰ μαλλιά της, καὶ ἡ ἁπλῆ καὶ γλυκεῖα μητέρα της ἐκάθητο ἐκεῖ καὶ ἔρραπτε.

καὶ τοῦ ὁποίου ἡ μεγάλη πόρτα ἦτο σημειωμένη μὲ ἕνα λευκὸν σταυρόν, ὅπως οἱ τάφοι.

Ἐκεῖ μέσα, μοῦ εἶπεν ὁ Μιχάλης, εἶναι χρόνια τώρα ποῦ ὁ Πέτρος ὁ Ἰρατσές ἐσκότωσε τὴν ἀστεφάνωτή γυναῖκά του. Πρέπει νὰ σᾶς τὴν διηγηθῶ αὐτὴν τὴν κόκκινην ἱστορίαν. Ἡ Μαρία Νόμπλια θὰ ἦτο ἀκόμη δεκαεννέα ἐτῶν. Κορίτσι ἀπὸ καλὴν οἰκογένειαν, μὲ κάτι ἀόρατον εἰς τὴν ματιὰ ποὺ σὲ ἐκύτταζε, μὲ μαλλιὰ ξανθά. Ὅταν ἐπέρναγε ἀπὸ τὸν δρόμον ὅλοι ἐγύριζαν νὰ τὴν δοῦν. Ἦτο ἡ ὀμορφότερη κοπέλλα τοῦ χωριοῦ.

Ὁ Ἰρατσὲς ὅμως ἦτο σκληρὸς ἄνθρωπος, μὲ τὸ βλέμμα σκοτεινόν, μὲ τὰ χέρια βαριὰ καὶ δυνατά. Τὴν ἐπῆρε μαζί του εἰς τὸν μύλον, καὶ ἀπὸ τότε δὲν ἐφάνη πλέον ἡ χαρὰ εἰς τὸ πρόσωπόν της. Ἔσκυβε τὸ κεφάλι καὶ ἐδούλευε σιωπηλὴ ἀπὸ τὸ πρωῒ ἕως τὸ βράδυ.

Ἀπὸ τότε ἄρχισε ἕνας βαρὺς γαΐδουρισμὸς, χονδρὸς, ποὺ τὸν φαρμακώνουν οἱ λογαριασμοὶ καὶ οἱ ὑποψίαι. Ἐπήγαινε εἰς τὴν πόλιν καὶ ἔπινε, καὶ ὅταν ἐγύριζε ἔβριζε καὶ ἐκτυποῦσε. Ἡ γυναῖκα ὑπέμενε χωρὶς νὰ λέγῃ τίποτε, καὶ μόνον τὰ μάτια της ἔλεγαν ὅλον τὸν πόνον ποὺ εἶχε μέσα της.

Ἕνα βράδυ χειμωνιάτικο, σκοτεινὸ, βροχερὸ καὶ παγωμένο βράδυ, ὁ μυλωνᾶς ἐγύρισε μεθυσμένος, κατακόκκινος, ὁπλισμένος. Ἡ γυναῖκα ἐκάθητο κοντὰ εἰς τὴν φωτιὰ καὶ ἔκλαιε. Τὴν ἐκύτταξε καὶ δὲν εἶπε λέξιν. Ὕστερα ἔβγαλε τὸ μαχαίρι του, καὶ πρὶν ἐκείνη προφθάσῃ νὰ φωνάξῃ, τῆς τὸ ἔμπηξε εἰς τὴν καρδιάν.

Ἐπήγε ὕστερα καὶ ἐκάθησε εἰς τὸ κατώφλι τοῦ μύλου, καὶ ἔμεινε ἐκεῖ ἀκίνητος ὅλην τὴν νύκτα. Τὸ πρωῒ τὸν εὗραν οἱ χωρικοὶ, μὲ τὰ ρούχα ματωμένα, νὰ κυττάζῃ τὸ νερὸ ποὺ ἔτρεχε. Δὲν ἀντιστάθη ὅταν ἦλθαν οἱ χωροφύλακες, καὶ τὸν ἐπῆραν χωρὶς νὰ εἰπῇ τίποτε.

Ἀπὸ τὴν ἡμέραν ἐκείνην ὁ μύλος ἔμεινε ἔρημος. Κανεὶς δὲν θέλει νὰ κατοικήσῃ ἐκεῖ μέσα. Λέγουν ὅτι τὰς νύκτας ἀκούονται στεναγμοὶ καὶ κλάματα, καὶ ὅτι ἡ σκιὰ τῆς Μαρίας περιπλανᾶται εἰς τὰς ὄχθας, λευκὴ καὶ θλιμμένη. Καὶ ὁ λευκὸς σταυρὸς ποὺ ἔβαλαν ἐπάνω εἰς τὴν πόρταν ἐσβύσθη σχεδόν ἀπὸ τὰς βροχάς.

Πέρασαν μῆνες.

Ὅλοι στὸ χωριὸ εἶχαν ξεχάσει τὸ θέατρο τοῦ Ἀρκαπ. τοῦ Οὐραγίκτιανῶν. Ἡ δόξα ἔσβησε, ἔσβησαν καὶ αἱ κουβέντες, καὶ ὁ μύλος ἔμεινε ὅπως ἦτο, ἔρημος καὶ βουβός, μὲ τὰ παράθυρα κλειστὰ καὶ τοὺς τροχοὺς ἀκινήτους, σκεπασμένους ἀπὸ πρασινάδες.

Ἀλλ᾿ ἐγὼ, ἡ ὀμορφιὰ ποὺ εἶχε κάποτε τὸ μέρος ἐκεῖνο, δὲν ἔπαυσε νὰ μὲ τραβᾷ. Καὶ κάθε φορὰ ποὺ ἐπερνοῦσα μὲ τὴν βάρκα μου ἀπὸ ἐκεῖ κάτω, ἐσταματοῦσα καὶ ἐκύτταζα τὸν γέρικο μύλο μὲ τὸν λευκὸν σταυρὸν, καὶ ἐνόμιζα ὅτι ἔβλεπα πίσω ἀπὸ τὰ σκοτεινὰ τζάμια τὸ χλωμὸ πρόσωπο τῆς Μαρίας.

Τί τοῦ ἔκαμε; Ἦτο ἡ ζήλια; Ἦτο ἡ κακομοιριά; Κανεὶς δὲν ἠμπόρεσε ποτὲ νὰ τὸ μάθῃ. Ὁ Ἰρατσὲς δὲν ὡμίλησε εἰς τὸ δικαστήριον, καὶ ὅταν τὸν κατεδίκασαν, ἔσκυψε τὸ κεφάλι καὶ δὲν εἶπε λέξιν.

Ποιὸς τὸ ξέρει; Λίγο τὴν ἀγαποῦσε, ἀλλὰ ἡ ψυχὴ τοῦ ἀνθρώπου εἶναι σκοτεινὴ σὰν τὰ βαθιὰ νερὰ τοῦ ποταμοῦ, καὶ κανεὶς δὲν ἠμπορεῖ νὰ ξέρῃ τί κρύβεται ἐκεῖ κάτω.

Μιὰ φορὰ ἐπήγα νὰ κρεμασθῶ ἀπὸ ἐνα πέτρο τοῦ ἀγγυριοῦ, καὶ ἐγλύστρησα ἀπὸ τὴν κόγχη, ὅπου εἶχε φύγει ἕνα θολό κομμάτι τοίχου. Ἦτο ἐκεῖ ἀκόμη, ἄδειο, ἡ μικρὴ πολυθρόνα τῆς Μαρίας, σκεπασμένη μὲ σκόνη.

Ἐβγήκαμε ἀπὸ τὴν ὄχθη, ὅπως μ' ἐκεῖνην τὴν ὥραν ποὺ ἐχάνετο τὸ φῶς, καὶ ἐπήραμε τὸν δρόμον τοῦ γυρισμοῦ, σιωπηλοὶ, μὲ τὴν ψυχὴν βαρειά. Ὁ Μιχάλης ἐκωπηλατοῦσε ἀργὰ, καὶ τὰ κουπιά του ἐβυθίζοντο χωρὶς θόρυβον εἰς τὸ σκοτεινὸν νερό.

— Τώρα θὰ ἀκούσετε τὸν ἦχον τῆς καμπάνας ἀπὸ τὸ χωριό, μοῦ εἶπε. Εἶναι ἡ ὥρα ποὺ ὅλοι οἱ χωρικοὶ γυρίζουν ἀπὸ τὰ χωράφια.

Αὐτὰ ἔγιναν πρὶν ἀπὸ πολλὰ χρόνια. Ὁ Πέτρος Ἰρατσὲς πέθανε εἰς τὴν φυλακήν, καὶ ὁ μύλος ἀκόμη στέκει ἔρημος ἐκεῖ, μὲ τὸν λευκὸν σταυρὸν εἰς τὴν πόρτα.

— Ἀπὸ μακρὰν ἡ καμπάνα τοῦ χωριοῦ ἀκούετο ἀργὰ καὶ λυπητερά, καὶ τὸ νερὸ τοῦ ποταμοῦ ἔτρεχε πάντα, ἥσυχα, ὅπως καὶ τότε, σὰν νὰ μὴ εἶχε γίνει τίποτε, καὶ τὰ πουλιὰ ἐπέταξαν μὲ πέπλους λευκοὺς.
